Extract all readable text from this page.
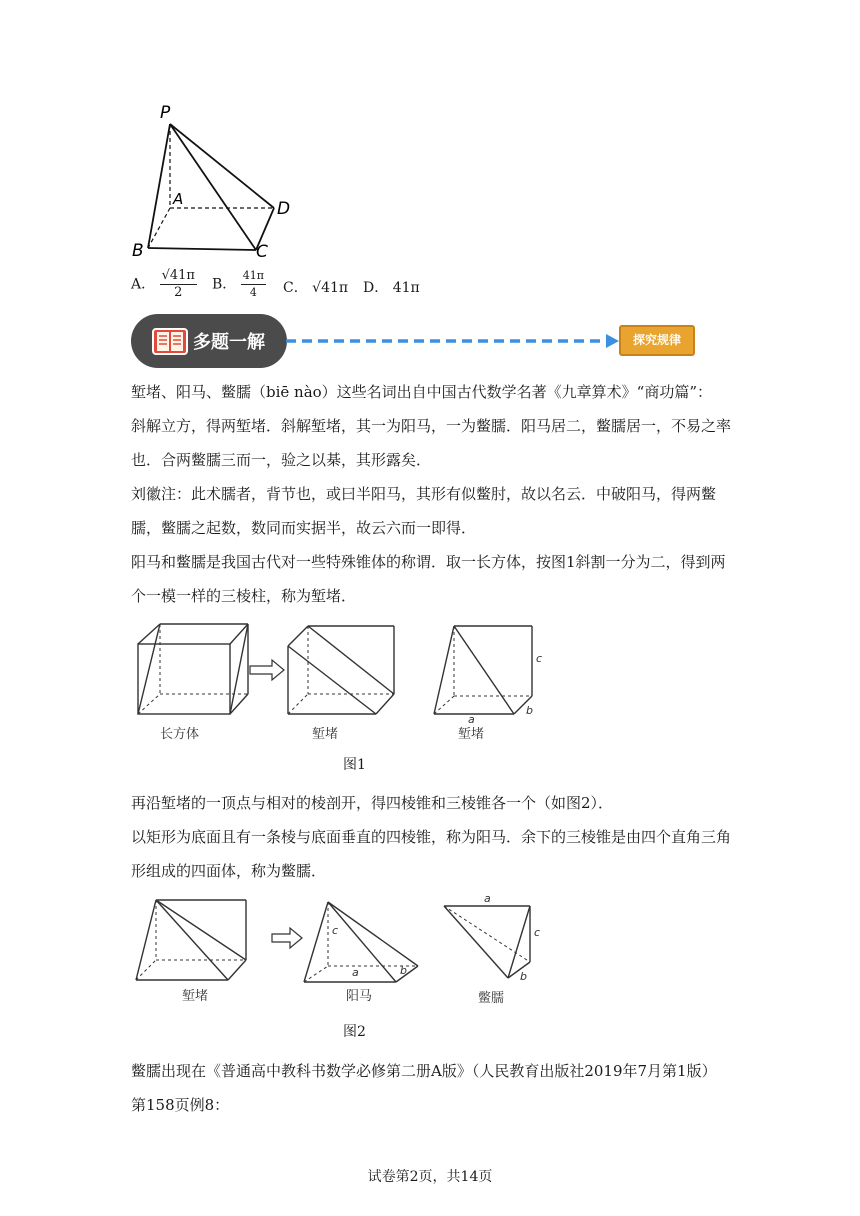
P
A	D
B	C
A． $\frac{√41\pi}{2}$ B． $\frac{41\pi}{4}$ C． √41π D． 41π
多题一解	探究规律
堑堵、阳马、鳖臑（biē nào）这些名词出自中国古代数学名著《九章算术》“商功篇”：
斜解立方，得两堑堵．斜解堑堵，其一为阳马，一为鳖臑．阳马居二，鳖臑居一，不易之率也．合两鳖臑三而一，验之以棊，其形露矣．
刘徽注：此术臑者，背节也，或曰半阳马，其形有似鳖肘，故以名云．中破阳马，得两鳖臑，鳖臑之起数，数同而实据半，故云六而一即得．
阳马和鳖臑是我国古代对一些特殊锥体的称谓．取一长方体，按图1斜割一分为二，得到两个一模一样的三棱柱，称为堑堵．
c
b
a
长方体	堑堵	堑堵
图1
再沿堑堵的一顶点与相对的棱剖开，得四棱锥和三棱锥各一个（如图2）．
以矩形为底面且有一条棱与底面垂直的四棱锥，称为阳马．余下的三棱锥是由四个直角三角形组成的四面体，称为鳖臑．
c
a	b
a
c
b
堑堵	阳马	鳖臑
图2
鳖臑出现在《普通高中教科书数学必修第二册A版》（人民教育出版社2019年7月第1版）第158页例8：
试卷第2页，共14页
